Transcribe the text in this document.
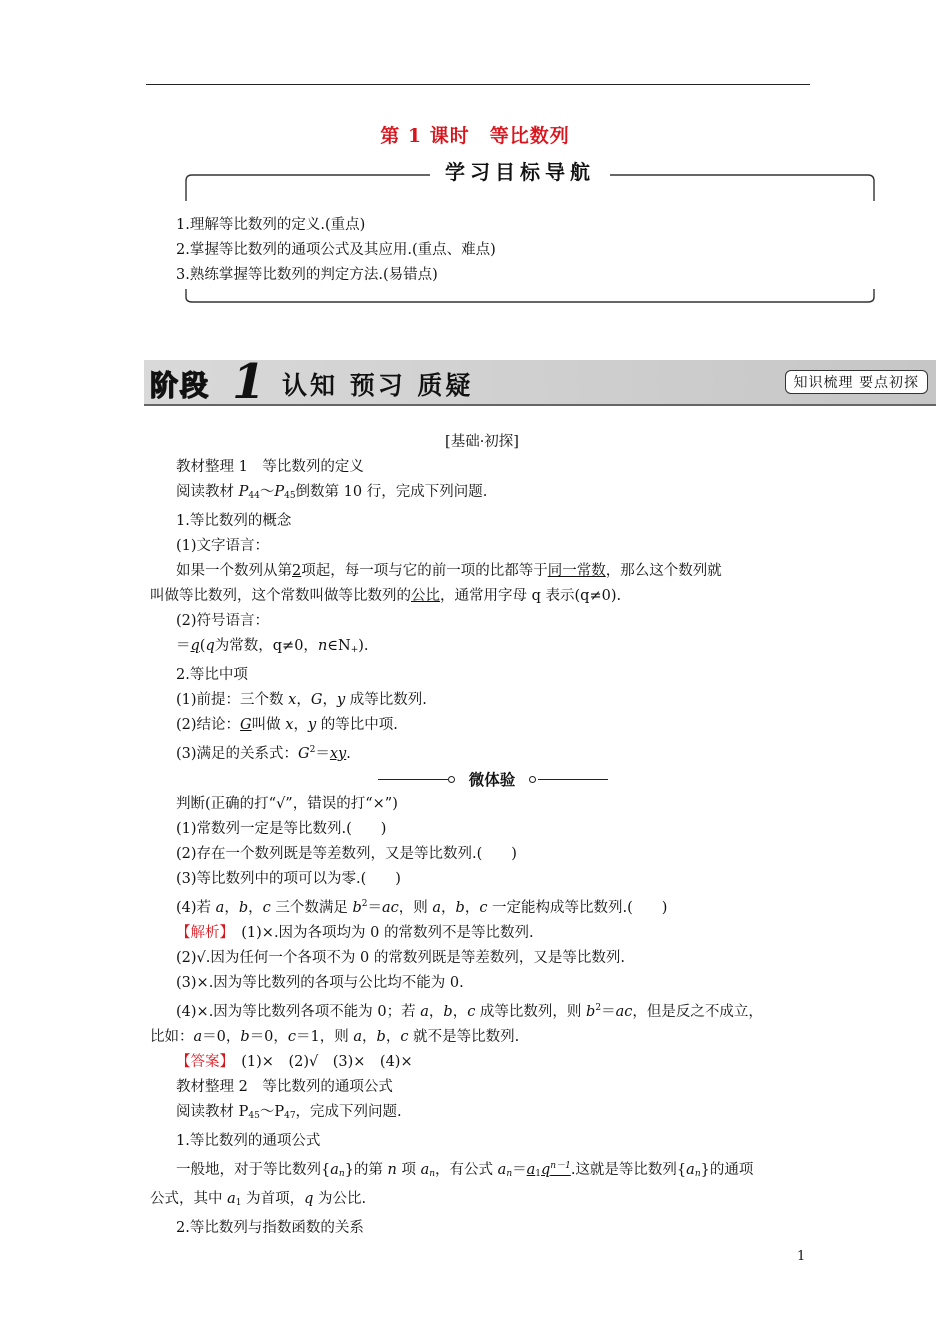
第 1 课时　等比数列
学习目标导航
1.理解等比数列的定义.(重点)
2.掌握等比数列的通项公式及其应用.(重点、难点)
3.熟练掌握等比数列的判定方法.(易错点)
阶段 1 认知 预习 质疑	知识梳理 要点初探
[基础·初探]
教材整理 1　等比数列的定义
阅读教材 $P_{44}\sim P_{45}$倒数第 10 行，完成下列问题.
1.等比数列的概念
(1)文字语言：
如果一个数列从第2项起，每一项与它的前一项的比都等于同一常数，那么这个数列就
叫做等比数列，这个常数叫做等比数列的公比，通常用字母 q 表示(q≠0).
(2)符号语言：
＝q(q为常数，q≠0，$n\in N_+$).
2.等比中项
(1)前提：三个数 x，G，y 成等比数列.
(2)结论：G叫做 x，y 的等比中项.
(3)满足的关系式：$G^2=xy$.
微体验
判断(正确的打“√”，错误的打“×”)
(1)常数列一定是等比数列.(　　)
(2)存在一个数列既是等差数列，又是等比数列.(　　)
(3)等比数列中的项可以为零.(　　)
(4)若 a，b，c 三个数满足 $b^2=ac$，则 a，b，c 一定能构成等比数列.(　　)
【解析】　(1)×.因为各项均为 0 的常数列不是等比数列.
(2)√.因为任何一个各项不为 0 的常数列既是等差数列，又是等比数列.
(3)×.因为等比数列的各项与公比均不能为 0.
(4)×.因为等比数列各项不能为 0；若 a，b，c 成等比数列，则 $b^2=ac$，但是反之不成立，
比如：a＝0，b＝0，c＝1，则 a，b，c 就不是等比数列.
【答案】　(1)×　(2)√　(3)×　(4)×
教材整理 2　等比数列的通项公式
阅读教材 $P_{45}\sim P_{47}$，完成下列问题.
1.等比数列的通项公式
一般地，对于等比数列$\{a_n\}$的第 n 项 $a_n$，有公式 $a_n=a_1q^{n-1}$.这就是等比数列$\{a_n\}$的通项
公式，其中 $a_1$ 为首项，q 为公比.
2.等比数列与指数函数的关系
1
